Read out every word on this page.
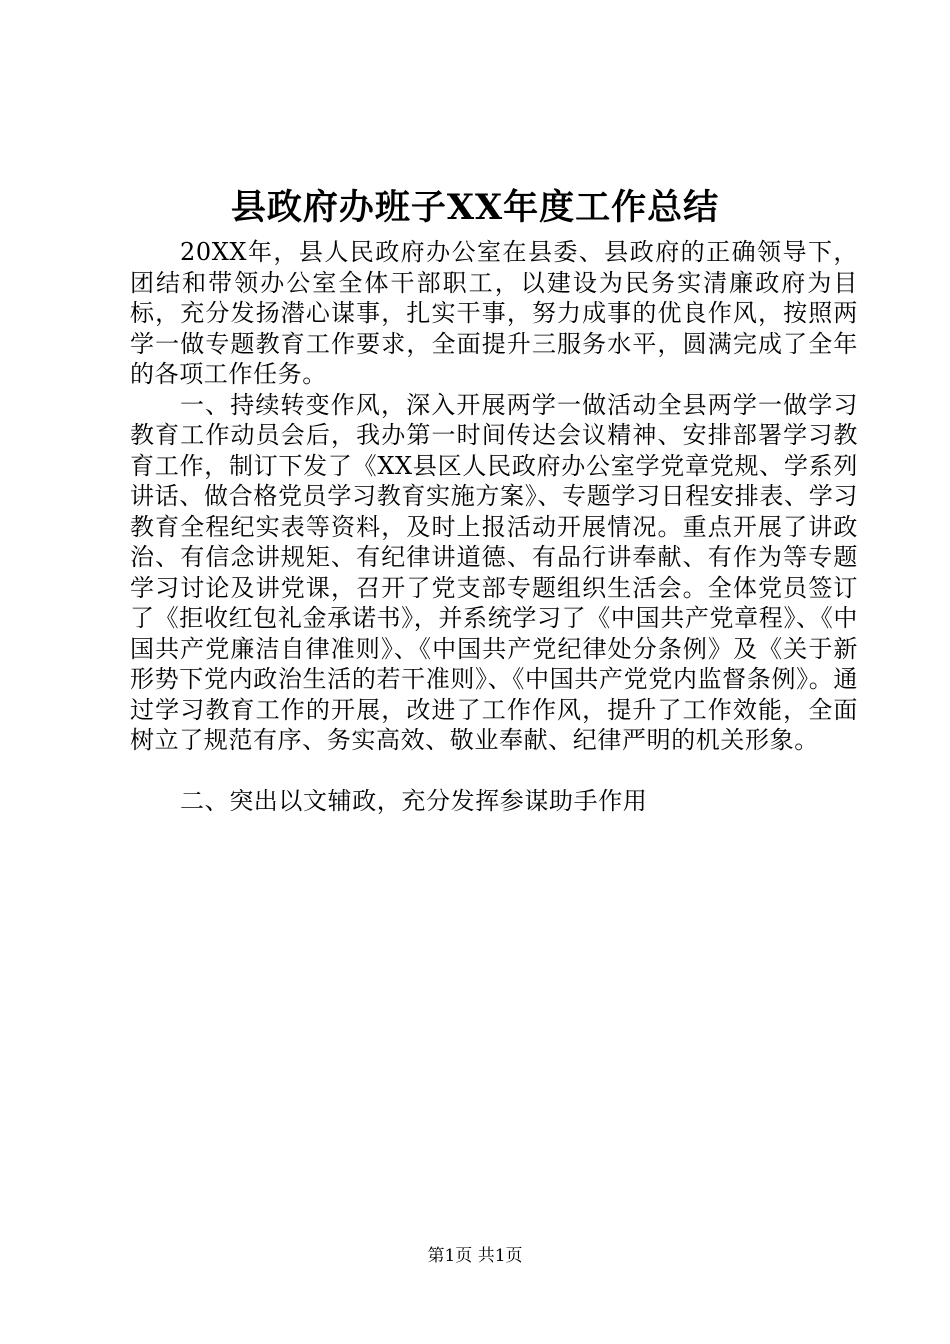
县政府办班子XX年度工作总结

20XX年，县人民政府办公室在县委、县政府的正确领导下，团结和带领办公室全体干部职工，以建设为民务实清廉政府为目标，充分发扬潜心谋事，扎实干事，努力成事的优良作风，按照两学一做专题教育工作要求，全面提升三服务水平，圆满完成了全年的各项工作任务。

一、持续转变作风，深入开展两学一做活动全县两学一做学习教育工作动员会后，我办第一时间传达会议精神、安排部署学习教育工作，制订下发了《XX县区人民政府办公室学党章党规、学系列讲话、做合格党员学习教育实施方案》、专题学习日程安排表、学习教育全程纪实表等资料，及时上报活动开展情况。重点开展了讲政治、有信念讲规矩、有纪律讲道德、有品行讲奉献、有作为等专题学习讨论及讲党课，召开了党支部专题组织生活会。全体党员签订了《拒收红包礼金承诺书》，并系统学习了《中国共产党章程》、《中国共产党廉洁自律准则》、《中国共产党纪律处分条例》及《关于新形势下党内政治生活的若干准则》、《中国共产党党内监督条例》。通过学习教育工作的开展，改进了工作作风，提升了工作效能，全面树立了规范有序、务实高效、敬业奉献、纪律严明的机关形象。

二、突出以文辅政，充分发挥参谋助手作用

第1页 共1页
